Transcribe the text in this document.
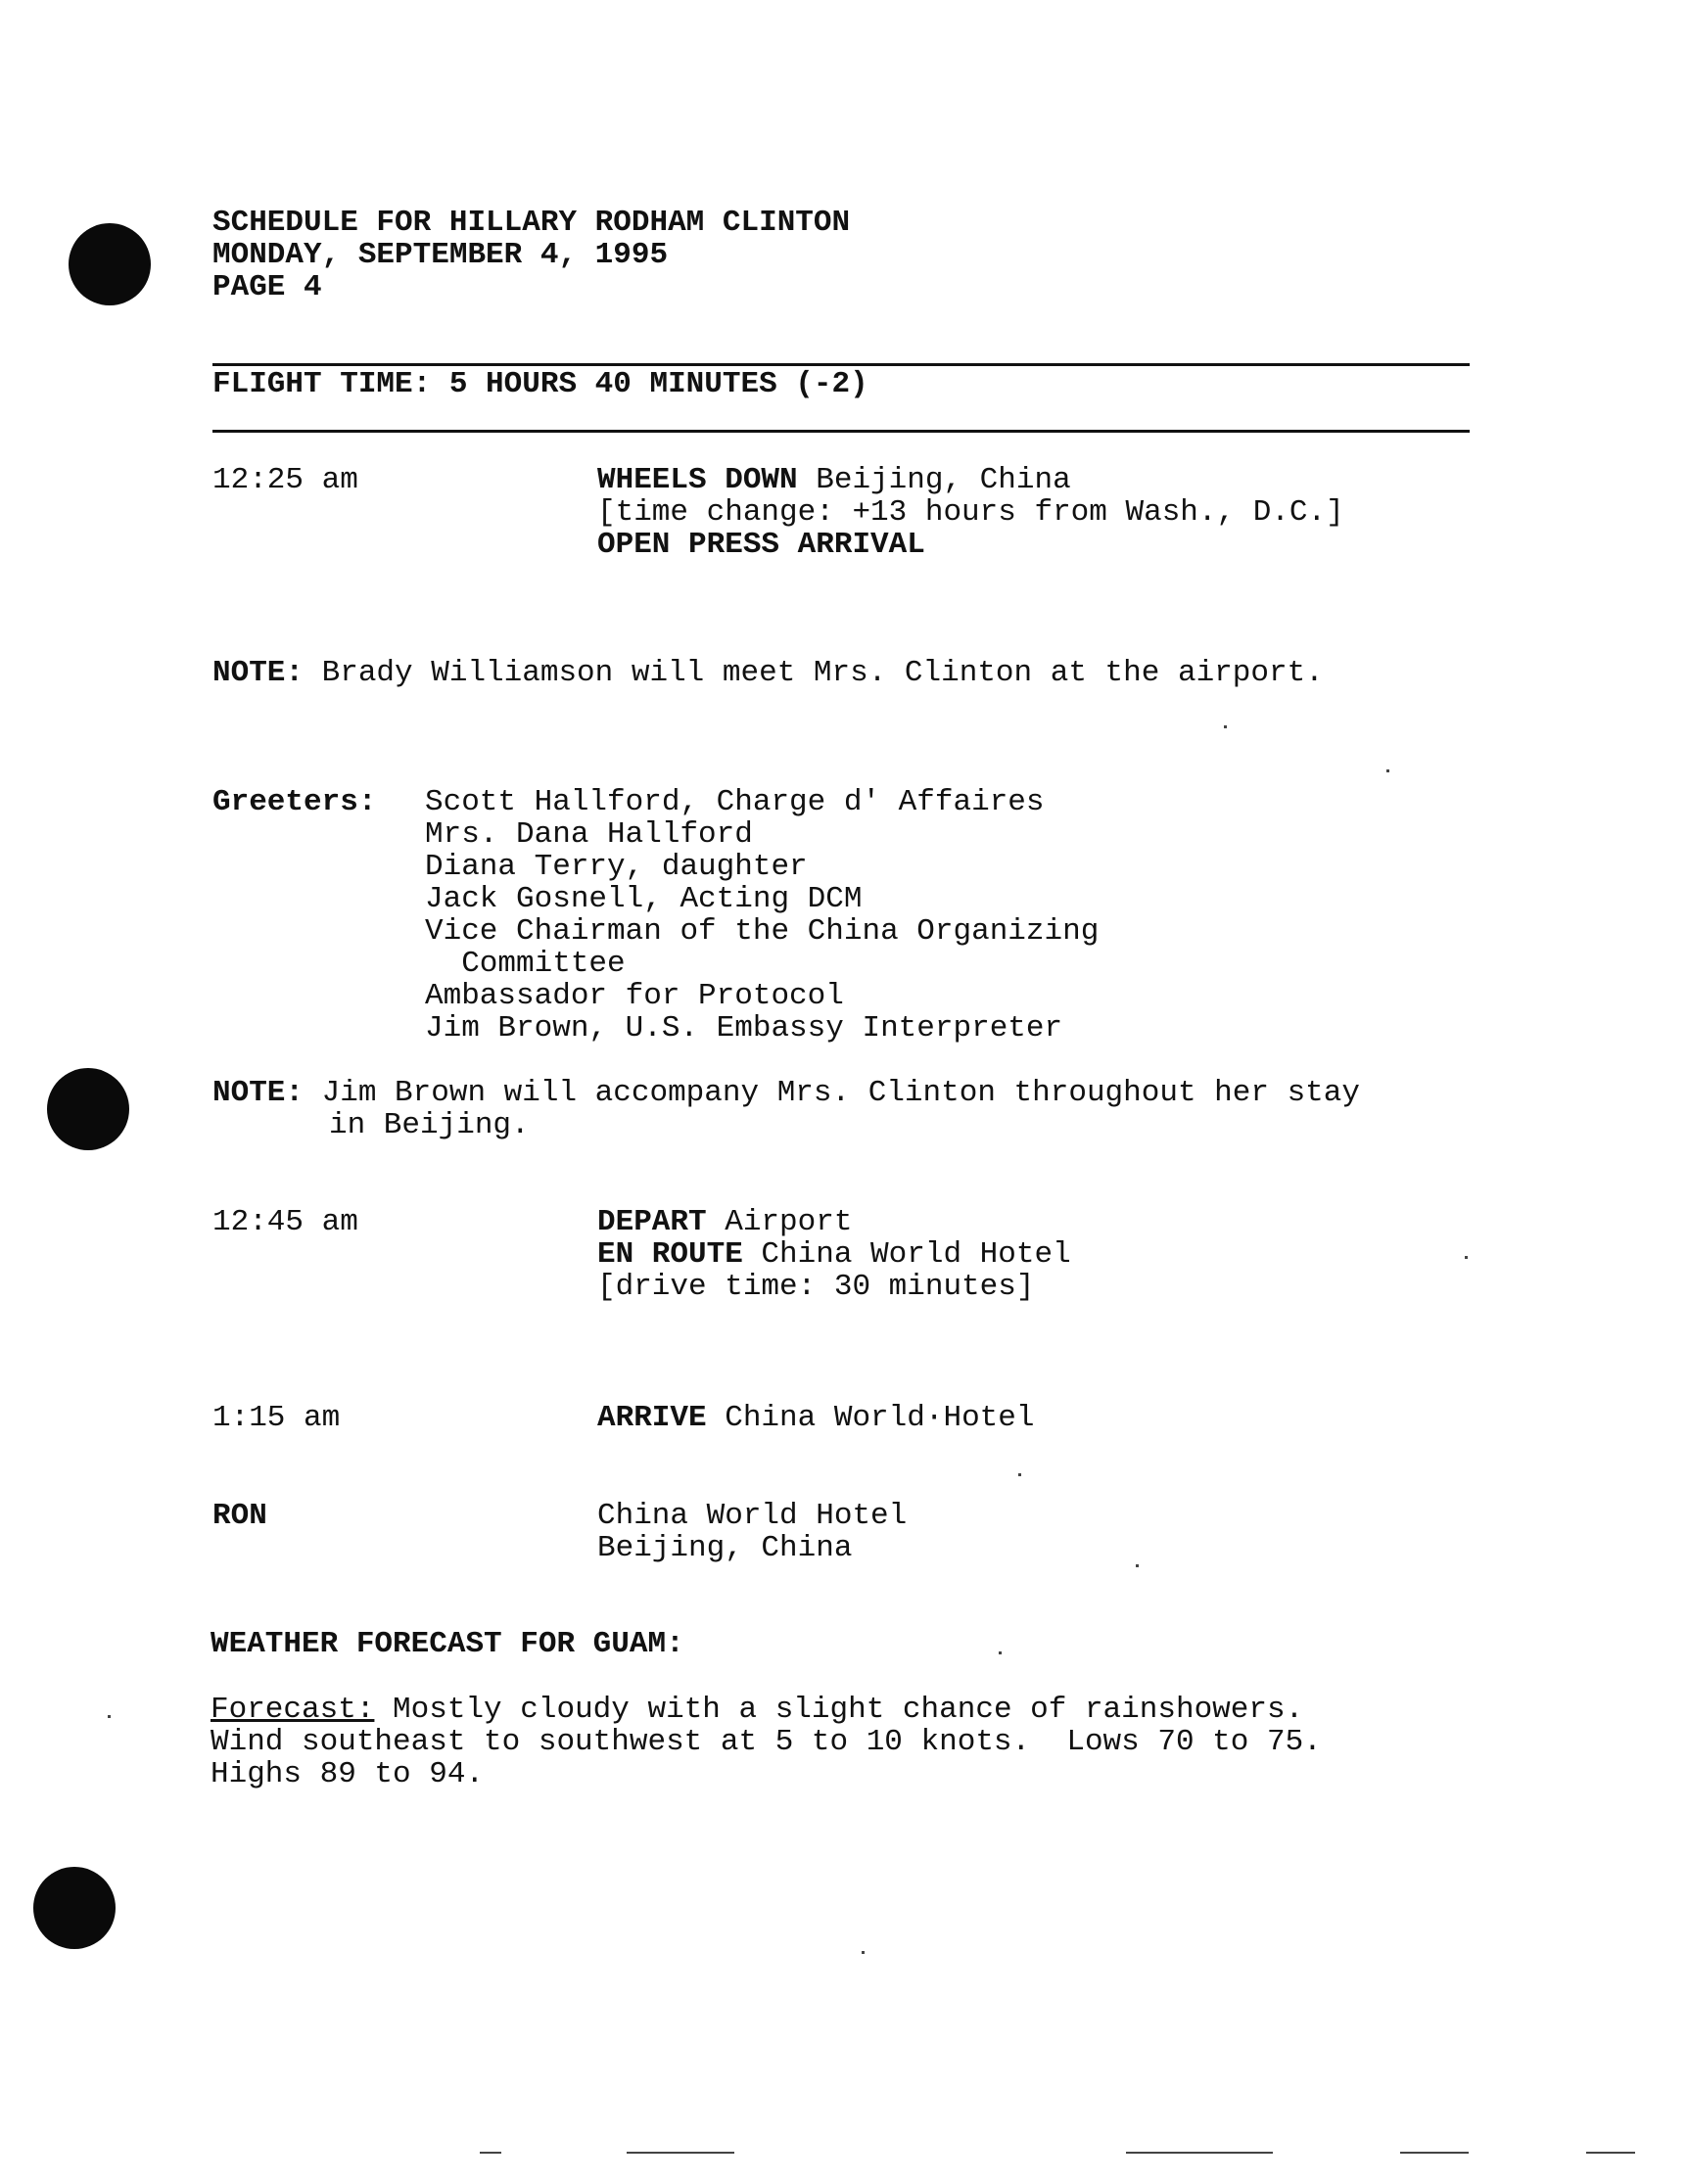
SCHEDULE FOR HILLARY RODHAM CLINTON
MONDAY, SEPTEMBER 4, 1995
PAGE 4
FLIGHT TIME: 5 HOURS 40 MINUTES (-2)
12:25 am	WHEELS DOWN Beijing, China
[time change: +13 hours from Wash., D.C.]
OPEN PRESS ARRIVAL
NOTE: Brady Williamson will meet Mrs. Clinton at the airport.
Greeters: Scott Hallford, Charge d' Affaires
Mrs. Dana Hallford
Diana Terry, daughter
Jack Gosnell, Acting DCM
Vice Chairman of the China Organizing
Committee
Ambassador for Protocol
Jim Brown, U.S. Embassy Interpreter
NOTE: Jim Brown will accompany Mrs. Clinton throughout her stay
in Beijing.
12:45 am	DEPART Airport
EN ROUTE China World Hotel
[drive time: 30 minutes]
1:15 am	ARRIVE China World·Hotel
RON	China World Hotel
Beijing, China
WEATHER FORECAST FOR GUAM:
Forecast: Mostly cloudy with a slight chance of rainshowers.
Wind southeast to southwest at 5 to 10 knots.  Lows 70 to 75.
Highs 89 to 94.
